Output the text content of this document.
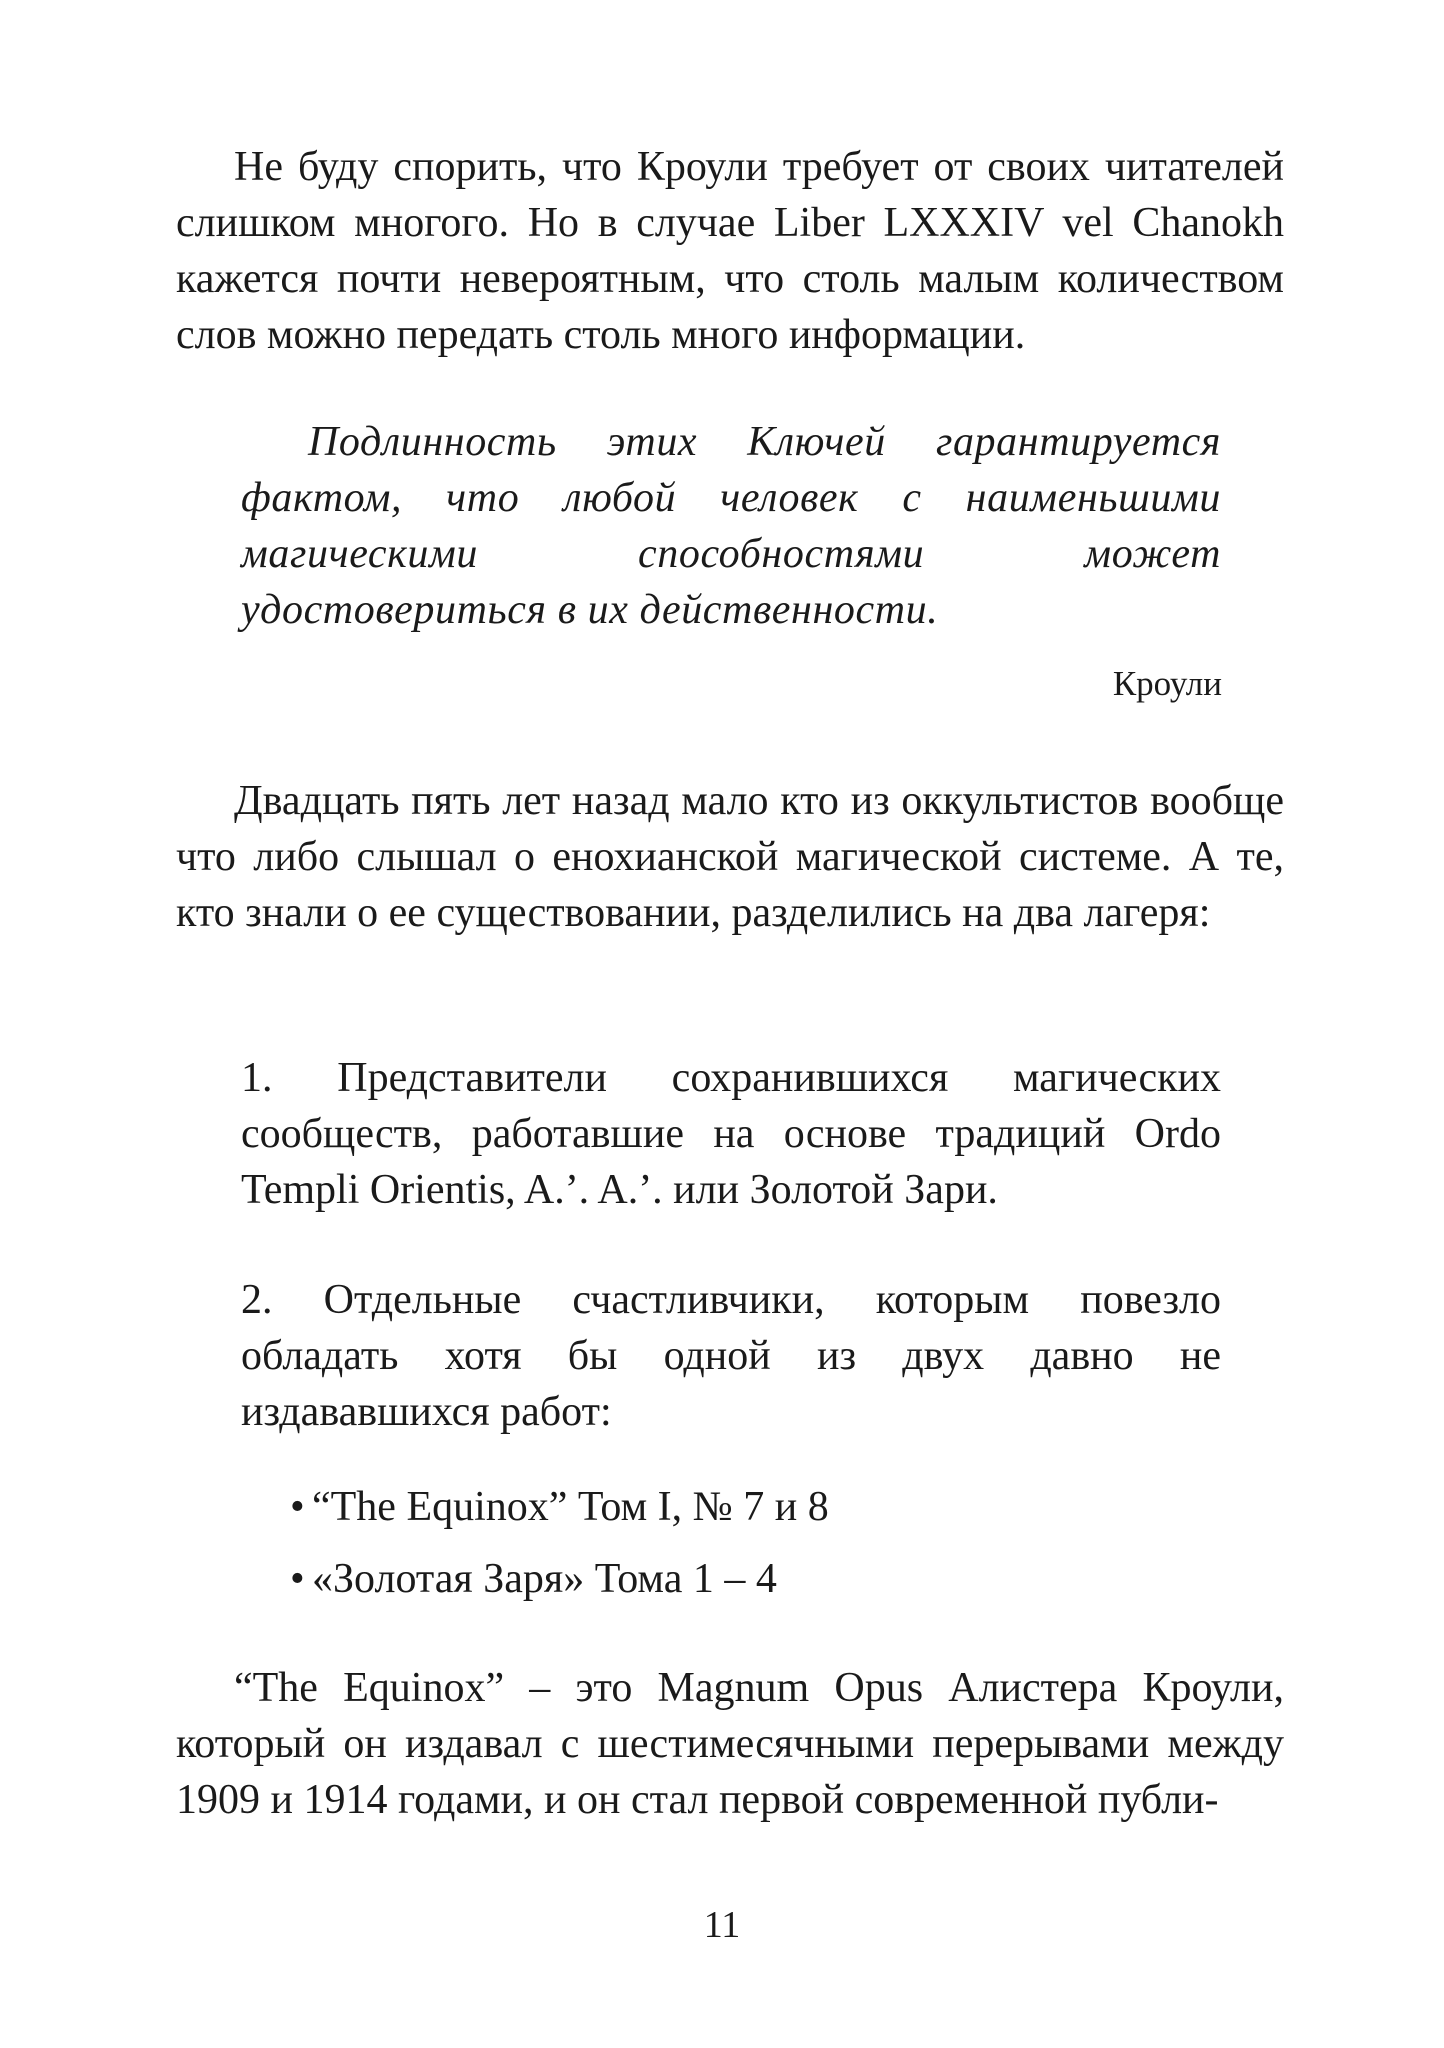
Не буду спорить, что Кроули требует от своих читателей слишком многого. Но в случае Liber LXXXIV vel Chanokh кажется почти невероятным, что столь малым количеством слов можно передать столь много информации.

Подлинность этих Ключей гарантируется фактом, что любой человек с наименьшими магическими способностями может удостовериться в их действенности.

Кроули

Двадцать пять лет назад мало кто из оккультистов вообще что либо слышал о енохианской магической системе. А те, кто знали о ее существовании, разделились на два лагеря:

1. Представители сохранившихся магических сообществ, работавшие на основе традиций Ordo Templi Orientis, A.’. A.’. или Золотой Зари.

2. Отдельные счастливчики, которым повезло обладать хотя бы одной из двух давно не издававшихся работ:

• “The Equinox” Том I, № 7 и 8
• «Золотая Заря» Тома 1 – 4

“The Equinox” – это Magnum Opus Алистера Кроули, который он издавал с шестимесячными перерывами между 1909 и 1914 годами, и он стал первой современной публи-

11
